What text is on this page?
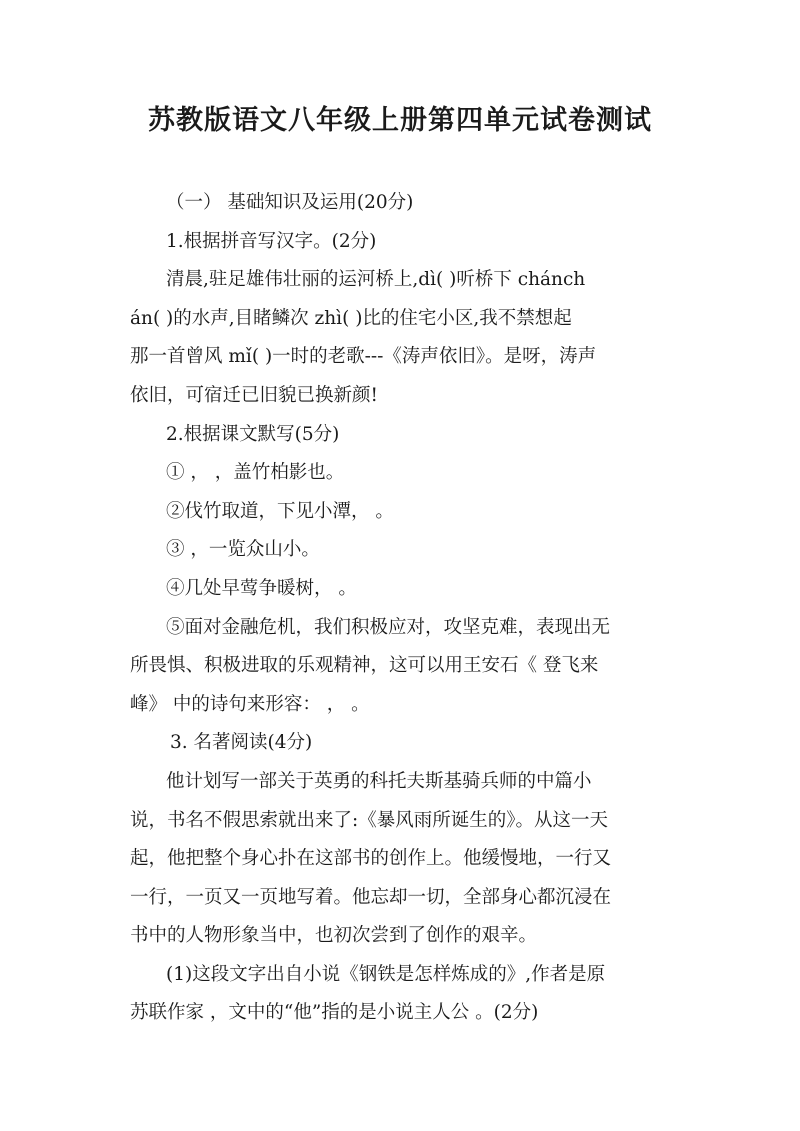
苏教版语文八年级上册第四单元试卷测试
（一） 基础知识及运用(20分)
1.根据拼音写汉字。(2分)
清晨,驻足雄伟壮丽的运河桥上,dì( )听桥下 chánch
án( )的水声,目睹鳞次 zhì( )比的住宅小区,我不禁想起
那一首曾风 mǐ( )一时的老歌---《涛声依旧》。是呀，涛声
依旧，可宿迁已旧貌已换新颜!
2.根据课文默写(5分)
① ， ，盖竹柏影也。
②伐竹取道，下见小潭， 。
③ ，一览众山小。
④几处早莺争暖树， 。
⑤面对金融危机，我们积极应对，攻坚克难，表现出无
所畏惧、积极进取的乐观精神，这可以用王安石《 登飞来
峰》 中的诗句来形容： ， 。
3. 名著阅读(4分)
他计划写一部关于英勇的科托夫斯基骑兵师的中篇小
说，书名不假思索就出来了:《暴风雨所诞生的》。从这一天
起，他把整个身心扑在这部书的创作上。他缓慢地，一行又
一行，一页又一页地写着。他忘却一切，全部身心都沉浸在
书中的人物形象当中，也初次尝到了创作的艰辛。
(1)这段文字出自小说《钢铁是怎样炼成的》,作者是原
苏联作家 ，文中的“他”指的是小说主人公 。(2分)
